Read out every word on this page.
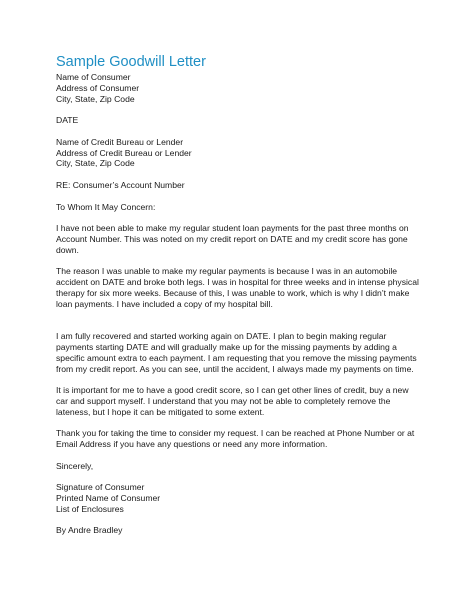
Sample Goodwill Letter
Name of Consumer
Address of Consumer
City, State, Zip Code
DATE
Name of Credit Bureau or Lender
Address of Credit Bureau or Lender
City, State, Zip Code
RE: Consumer’s Account Number
To Whom It May Concern:
I have not been able to make my regular student loan payments for the past three months on
Account Number. This was noted on my credit report on DATE and my credit score has gone
down.
The reason I was unable to make my regular payments is because I was in an automobile
accident on DATE and broke both legs. I was in hospital for three weeks and in intense physical
therapy for six more weeks. Because of this, I was unable to work, which is why I didn’t make
loan payments. I have included a copy of my hospital bill.
I am fully recovered and started working again on DATE. I plan to begin making regular
payments starting DATE and will gradually make up for the missing payments by adding a
specific amount extra to each payment. I am requesting that you remove the missing payments
from my credit report. As you can see, until the accident, I always made my payments on time.
It is important for me to have a good credit score, so I can get other lines of credit, buy a new
car and support myself. I understand that you may not be able to completely remove the
lateness, but I hope it can be mitigated to some extent.
Thank you for taking the time to consider my request. I can be reached at Phone Number or at
Email Address if you have any questions or need any more information.
Sincerely,
Signature of Consumer
Printed Name of Consumer
List of Enclosures
By Andre Bradley
